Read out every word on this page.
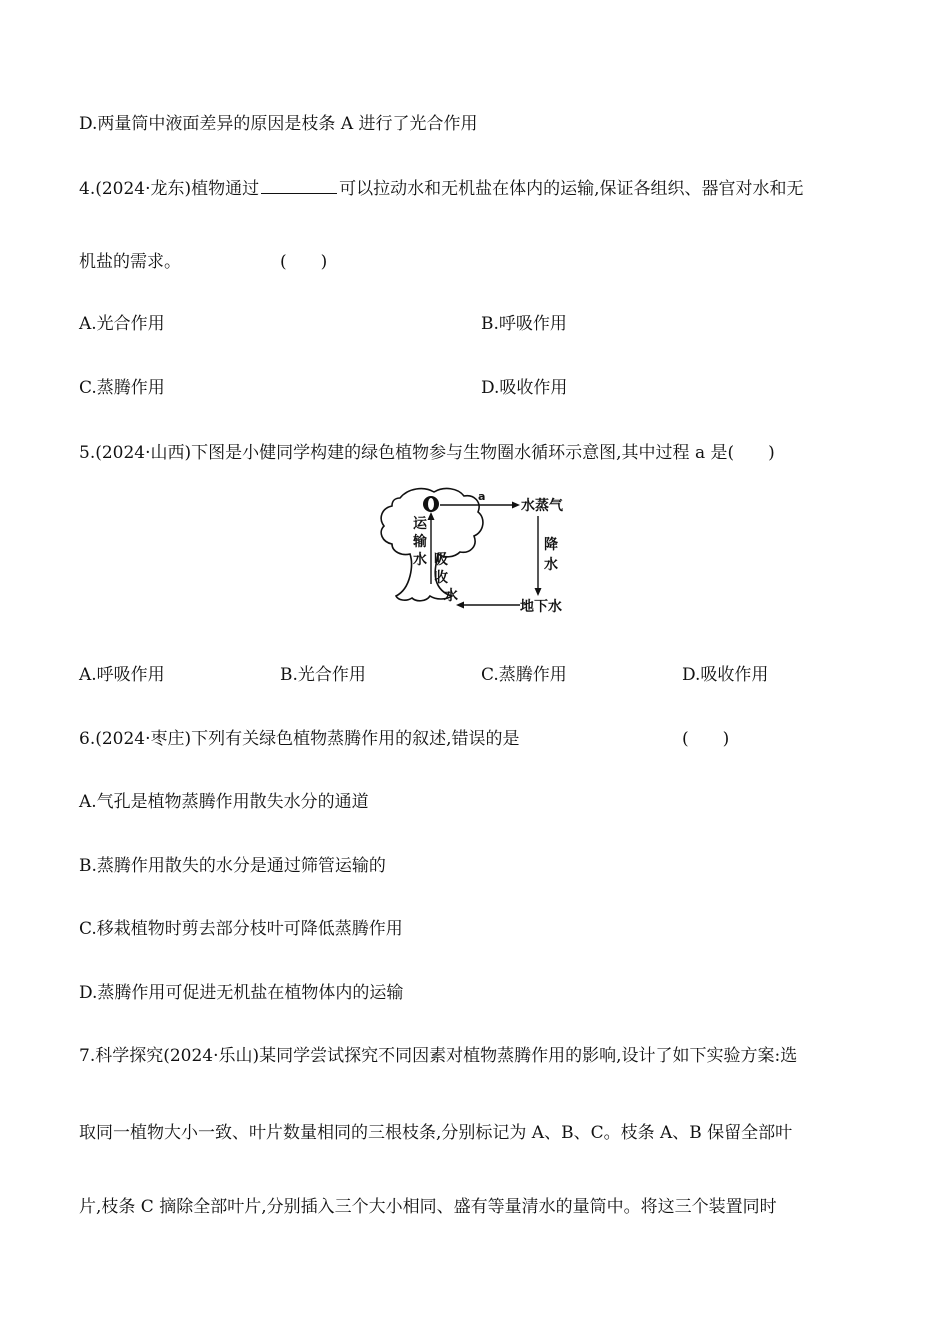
D.两量筒中液面差异的原因是枝条 A 进行了光合作用
4.(2024·龙东)植物通过	可以拉动水和无机盐在体内的运输,保证各组织、器官对水和无
机盐的需求。	(　　)
A.光合作用	B.呼吸作用
C.蒸腾作用	D.吸收作用
5.(2024·山西)下图是小健同学构建的绿色植物参与生物圈水循环示意图,其中过程 a 是(　　)
a
水蒸气
降
水
地下水
运
输
水 吸
收
水
A.呼吸作用	B.光合作用	C.蒸腾作用	D.吸收作用
6.(2024·枣庄)下列有关绿色植物蒸腾作用的叙述,错误的是	(　　)
A.气孔是植物蒸腾作用散失水分的通道
B.蒸腾作用散失的水分是通过筛管运输的
C.移栽植物时剪去部分枝叶可降低蒸腾作用
D.蒸腾作用可促进无机盐在植物体内的运输
7.科学探究(2024·乐山)某同学尝试探究不同因素对植物蒸腾作用的影响,设计了如下实验方案:选
取同一植物大小一致、叶片数量相同的三根枝条,分别标记为 A、B、C。枝条 A、B 保留全部叶
片,枝条 C 摘除全部叶片,分别插入三个大小相同、盛有等量清水的量筒中。将这三个装置同时
